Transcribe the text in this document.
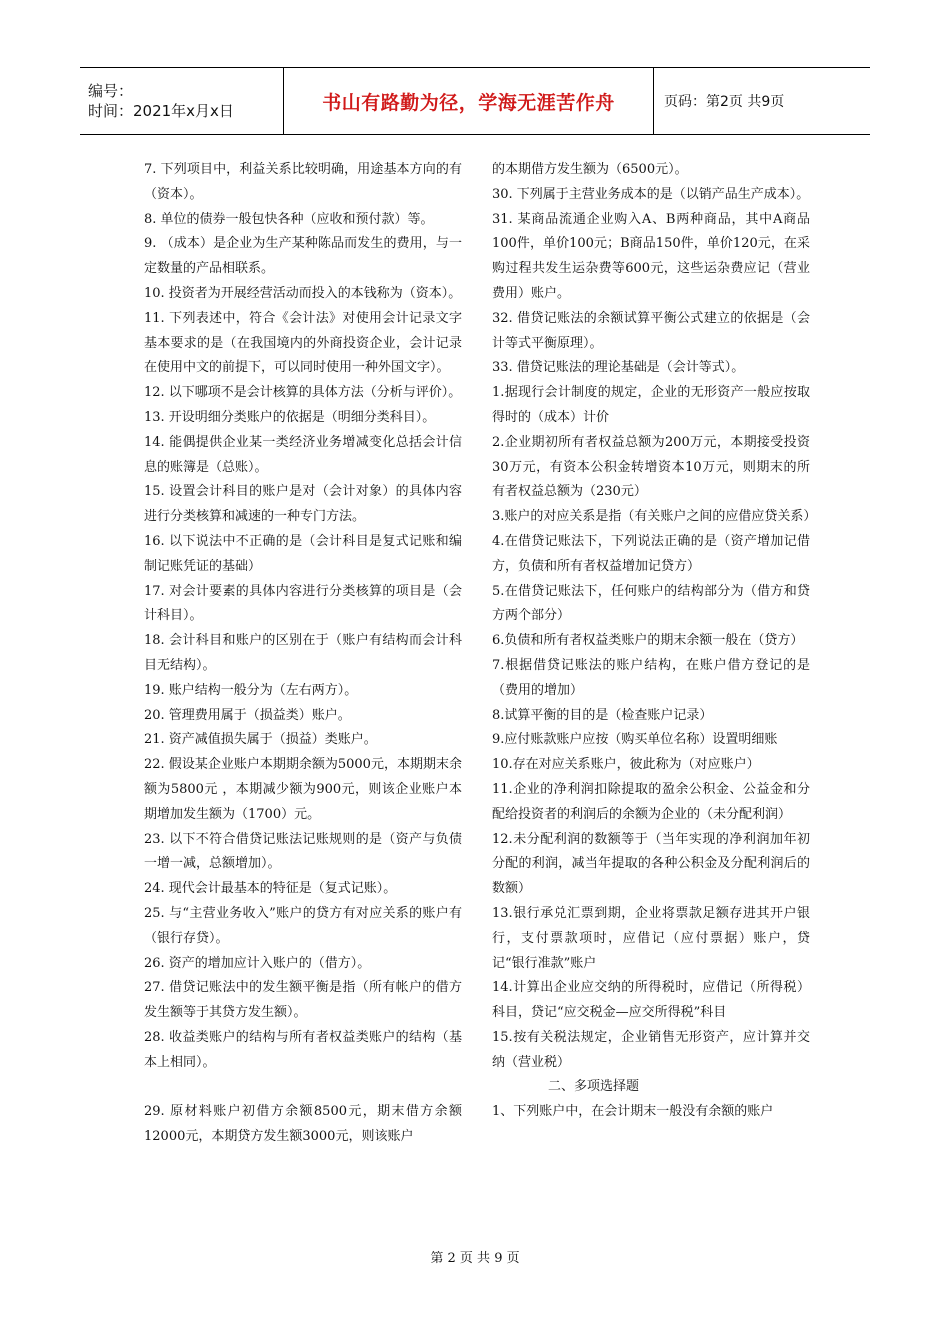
编号：
时间：2021年x月x日	书山有路勤为径，学海无涯苦作舟	页码：第2页 共9页

7. 下列项目中，利益关系比较明确，用途基本方向的有（资本）。

8. 单位的债券一般包快各种（应收和预付款）等。

9. （成本）是企业为生产某种陈品而发生的费用，与一定数量的产品相联系。

10. 投资者为开展经营活动而投入的本钱称为（资本）。

11. 下列表述中，符合《会计法》对使用会计记录文字基本要求的是（在我国境内的外商投资企业，会计记录在使用中文的前提下，可以同时使用一种外国文字）。

12. 以下哪项不是会计核算的具体方法（分析与评价）。

13. 开设明细分类账户的依据是（明细分类科目）。

14. 能偶提供企业某一类经济业务增减变化总括会计信息的账簿是（总账）。

15. 设置会计科目的账户是对（会计对象）的具体内容进行分类核算和减速的一种专门方法。

16. 以下说法中不正确的是（会计科目是复式记账和编制记账凭证的基础）

17. 对会计要素的具体内容进行分类核算的项目是（会计科目）。

18. 会计科目和账户的区别在于（账户有结构而会计科目无结构）。

19. 账户结构一般分为（左右两方）。

20. 管理费用属于（损益类）账户。

21. 资产减值损失属于（损益）类账户。

22. 假设某企业账户本期期余额为5000元，本期期末余额为5800元 ，本期减少额为900元，则该企业账户本期增加发生额为（1700）元。

23. 以下不符合借贷记账法记账规则的是（资产与负债一增一减，总额增加）。

24. 现代会计最基本的特征是（复式记账）。

25. 与“主营业务收入”账户的贷方有对应关系的账户有（银行存贷）。

26. 资产的增加应计入账户的（借方）。

27. 借贷记账法中的发生额平衡是指（所有帐户的借方发生额等于其贷方发生额）。

28. 收益类账户的结构与所有者权益类账户的结构（基本上相同）。

29. 原材料账户初借方余额8500元，期末借方余额12000元，本期贷方发生额3000元，则该账户

的本期借方发生额为（6500元）。

30. 下列属于主营业务成本的是（以销产品生产成本）。

31. 某商品流通企业购入A、B两种商品，其中A商品100件，单价100元；B商品150件，单价120元，在采购过程共发生运杂费等600元，这些运杂费应记（营业费用）账户。

32. 借贷记账法的余额试算平衡公式建立的依据是（会计等式平衡原理）。

33. 借贷记账法的理论基础是（会计等式）。

1.据现行会计制度的规定，企业的无形资产一般应按取得时的（成本）计价

2.企业期初所有者权益总额为200万元，本期接受投资30万元，有资本公积金转增资本10万元，则期末的所有者权益总额为（230元）

3.账户的对应关系是指（有关账户之间的应借应贷关系）

4.在借贷记账法下，下列说法正确的是（资产增加记借方，负债和所有者权益增加记贷方）

5.在借贷记账法下，任何账户的结构部分为（借方和贷方两个部分）

6.负债和所有者权益类账户的期末余额一般在（贷方）

7.根据借贷记账法的账户结构，在账户借方登记的是（费用的增加）

8.试算平衡的目的是（检查账户记录）

9.应付账款账户应按（购买单位名称）设置明细账

10.存在对应关系账户，彼此称为（对应账户）

11.企业的净利润扣除提取的盈余公积金、公益金和分配给投资者的利润后的余额为企业的（未分配利润）

12.未分配利润的数额等于（当年实现的净利润加年初分配的利润，减当年提取的各种公积金及分配利润后的数额）

13.银行承兑汇票到期，企业将票款足额存进其开户银行，支付票款项时，应借记（应付票据）账户，贷记“银行准款”账户

14.计算出企业应交纳的所得税时，应借记（所得税）科目，贷记“应交税金—应交所得税”科目

15.按有关税法规定，企业销售无形资产，应计算并交纳（营业税）

二、多项选择题

1、下列账户中，在会计期末一般没有余额的账户

第 2 页 共 9 页
